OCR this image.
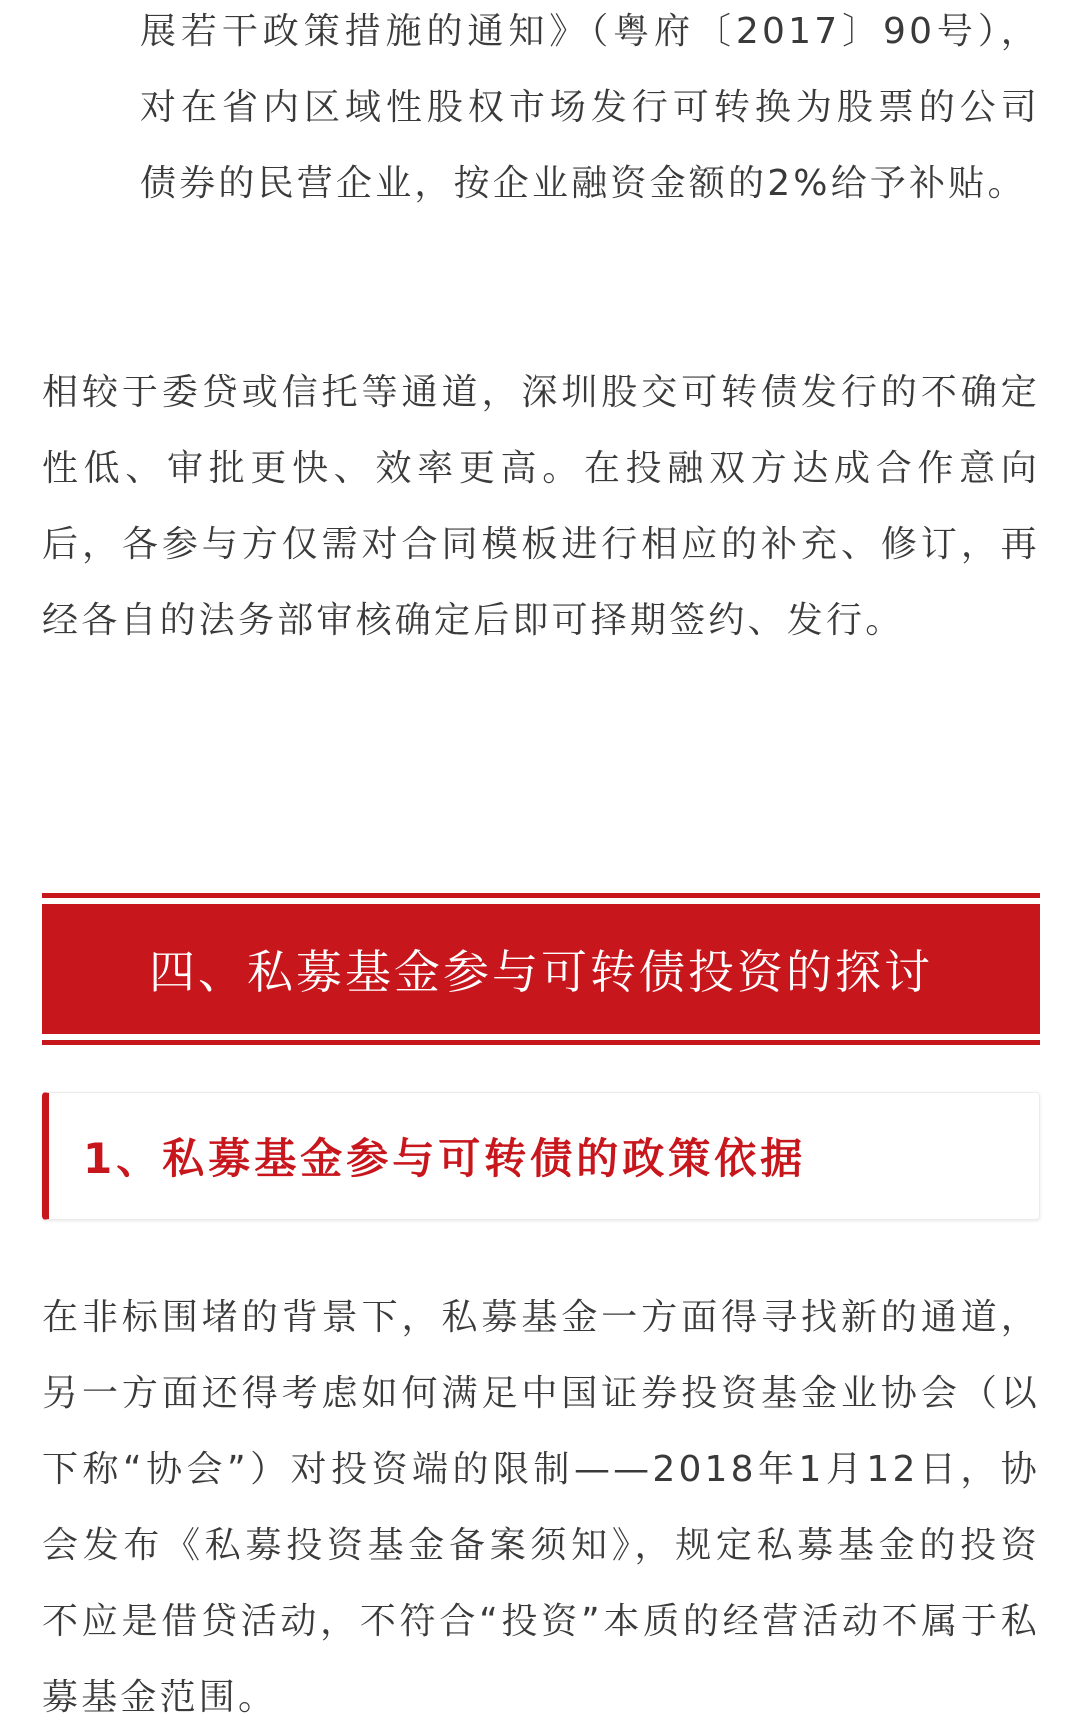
展若干政策措施的通知》（粤府〔2017〕90号），对在省内区域性股权市场发行可转换为股票的公司债券的民营企业，按企业融资金额的2%给予补贴。

相较于委贷或信托等通道，深圳股交可转债发行的不确定性低、审批更快、效率更高。在投融双方达成合作意向后，各参与方仅需对合同模板进行相应的补充、修订，再经各自的法务部审核确定后即可择期签约、发行。

四、私募基金参与可转债投资的探讨
1、私募基金参与可转债的政策依据

在非标围堵的背景下，私募基金一方面得寻找新的通道，另一方面还得考虑如何满足中国证券投资基金业协会（以下称“协会”）对投资端的限制——2018年1月12日，协会发布《私募投资基金备案须知》，规定私募基金的投资不应是借贷活动，不符合“投资”本质的经营活动不属于私募基金范围。
